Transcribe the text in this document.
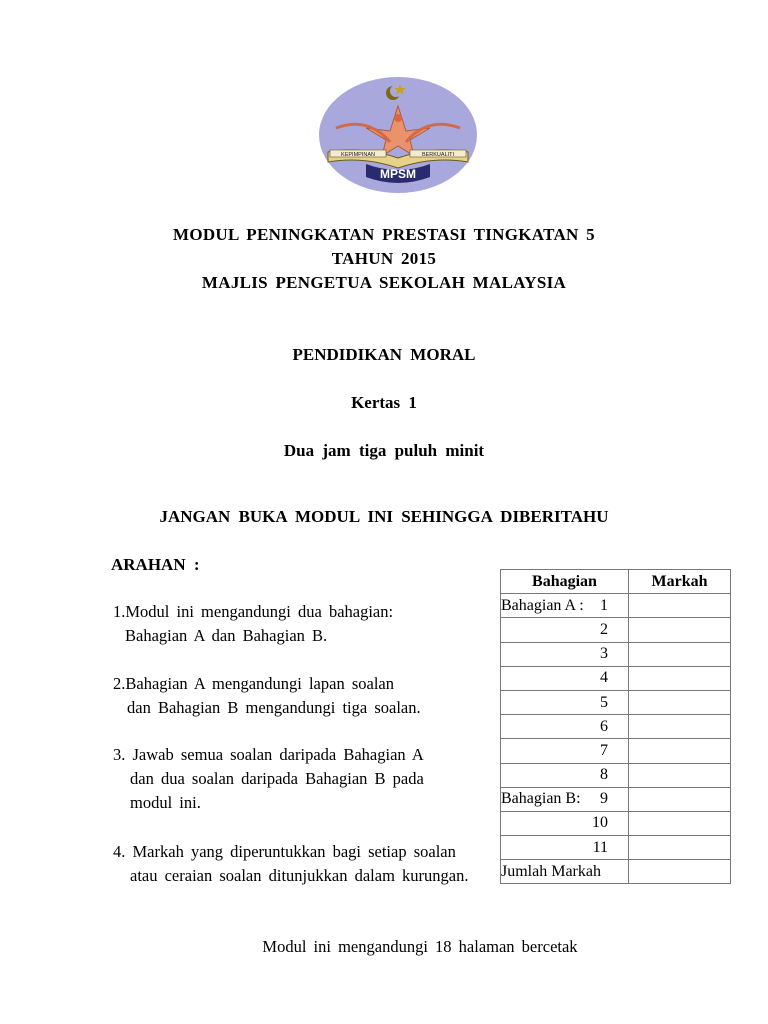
KEPIMPINAN	BERKUALITI
MPSM
MODUL PENINGKATAN PRESTASI TINGKATAN 5
TAHUN 2015
MAJLIS PENGETUA SEKOLAH MALAYSIA
PENDIDIKAN MORAL
Kertas 1
Dua jam tiga puluh minit
JANGAN BUKA MODUL INI SEHINGGA DIBERITAHU
ARAHAN :
1.Modul ini mengandungi dua bahagian:
Bahagian A dan Bahagian B.
2.Bahagian A mengandungi lapan soalan
dan Bahagian B mengandungi tiga soalan.
3. Jawab semua soalan daripada Bahagian A
dan dua soalan daripada Bahagian B pada
modul ini.
4. Markah yang diperuntukkan bagi setiap soalan
atau ceraian soalan ditunjukkan dalam kurungan.
Bahagian	Markah

Bahagian A : 1	

2	

3	

4	

5	

6	

7	

8	

Bahagian B: 9	

10	

11	

Jumlah Markah	
Modul ini mengandungi 18 halaman bercetak
